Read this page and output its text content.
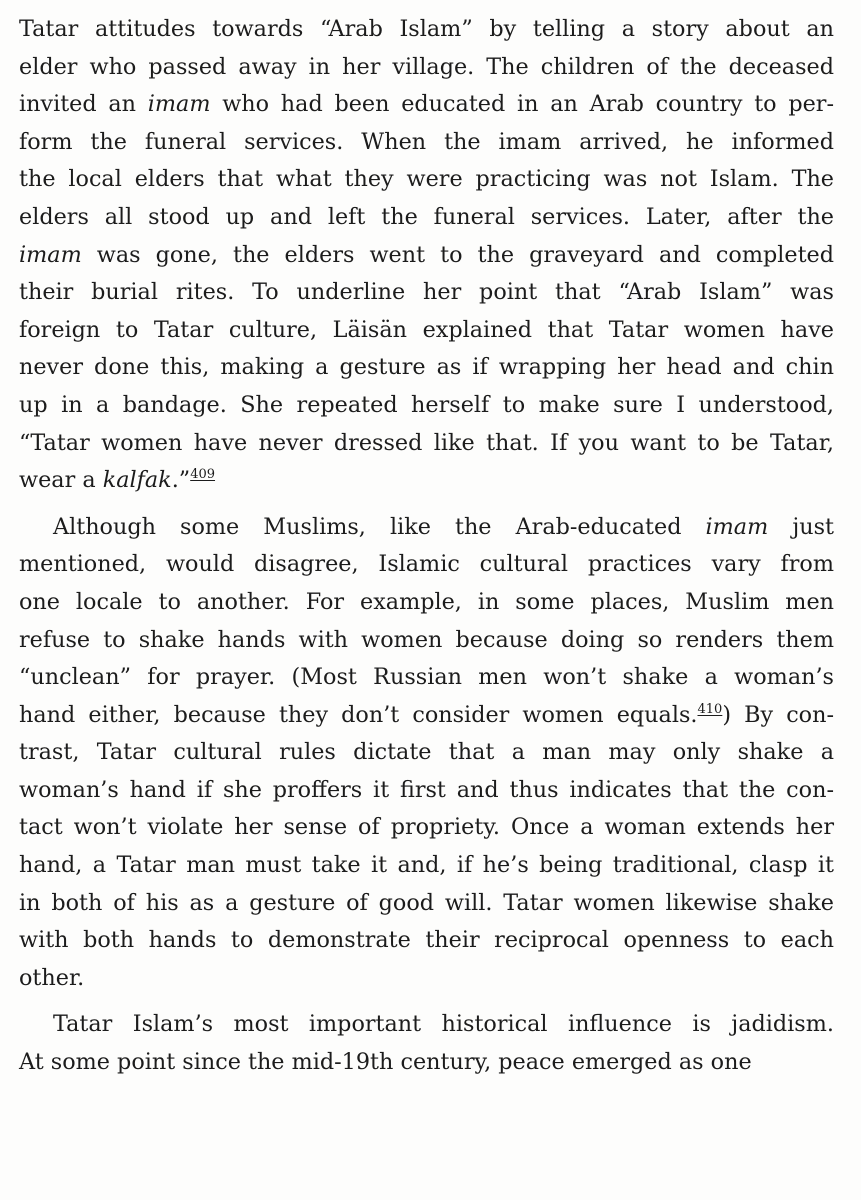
Tatar attitudes towards “Arab Islam” by telling a story about an
elder who passed away in her village. The children of the deceased
invited an imam who had been educated in an Arab country to per-
form the funeral services. When the imam arrived, he informed
the local elders that what they were practicing was not Islam. The
elders all stood up and left the funeral services. Later, after the
imam was gone, the elders went to the graveyard and completed
their burial rites. To underline her point that “Arab Islam” was
foreign to Tatar culture, Läisän explained that Tatar women have
never done this, making a gesture as if wrapping her head and chin
up in a bandage. She repeated herself to make sure I understood,
“Tatar women have never dressed like that. If you want to be Tatar,
wear a kalfak.”$^{409}$

Although some Muslims, like the Arab-educated imam just
mentioned, would disagree, Islamic cultural practices vary from
one locale to another. For example, in some places, Muslim men
refuse to shake hands with women because doing so renders them
“unclean” for prayer. (Most Russian men won’t shake a woman’s
hand either, because they don’t consider women equals.$^{410}$) By con-
trast, Tatar cultural rules dictate that a man may only shake a
woman’s hand if she proffers it first and thus indicates that the con-
tact won’t violate her sense of propriety. Once a woman extends her
hand, a Tatar man must take it and, if he’s being traditional, clasp it
in both of his as a gesture of good will. Tatar women likewise shake
with both hands to demonstrate their reciprocal openness to each
other.

Tatar Islam’s most important historical influence is jadidism.
At some point since the mid-19th century, peace emerged as one
